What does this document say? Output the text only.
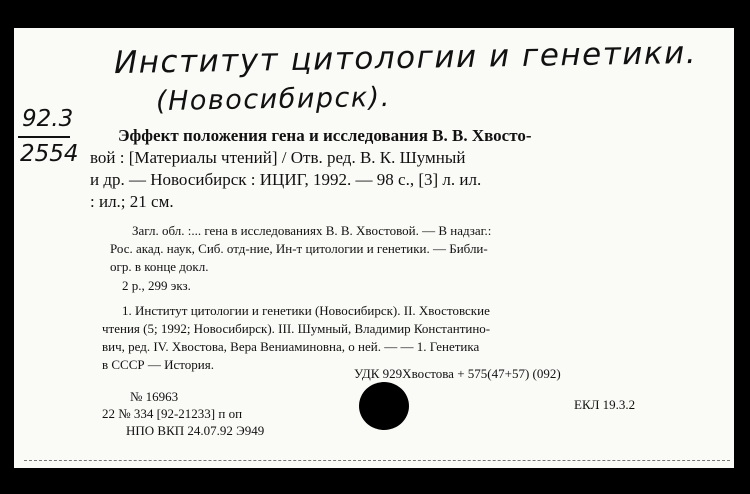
Институт цитологии и генетики.
(Новосибирск).
92.3
2554
Эффект положения гена и исследования В. В. Хвосто-
вой : [Материалы чтений] / Отв. ред. В. К. Шумный
и др. — Новосибирск : ИЦИГ, 1992. — 98 с., [3] л. ил.
: ил.; 21 см.
Загл. обл. :... гена в исследованиях В. В. Хвостовой. — В надзаг.:
Рос. акад. наук, Сиб. отд-ние, Ин-т цитологии и генетики. — Библи-
огр. в конце докл.
2 р., 299 экз.
1. Институт цитологии и генетики (Новосибирск). II. Хвостовские
чтения (5; 1992; Новосибирск). III. Шумный, Владимир Константино-
вич, ред. IV. Хвостова, Вера Вениаминовна, о ней. — — 1. Генетика
в СССР — История.
УДК 929Хвостова + 575(47+57) (092)
ЕКЛ 19.3.2
№ 16963
22 № 334 [92-21233] п оп
НПО ВКП 24.07.92 Э949
